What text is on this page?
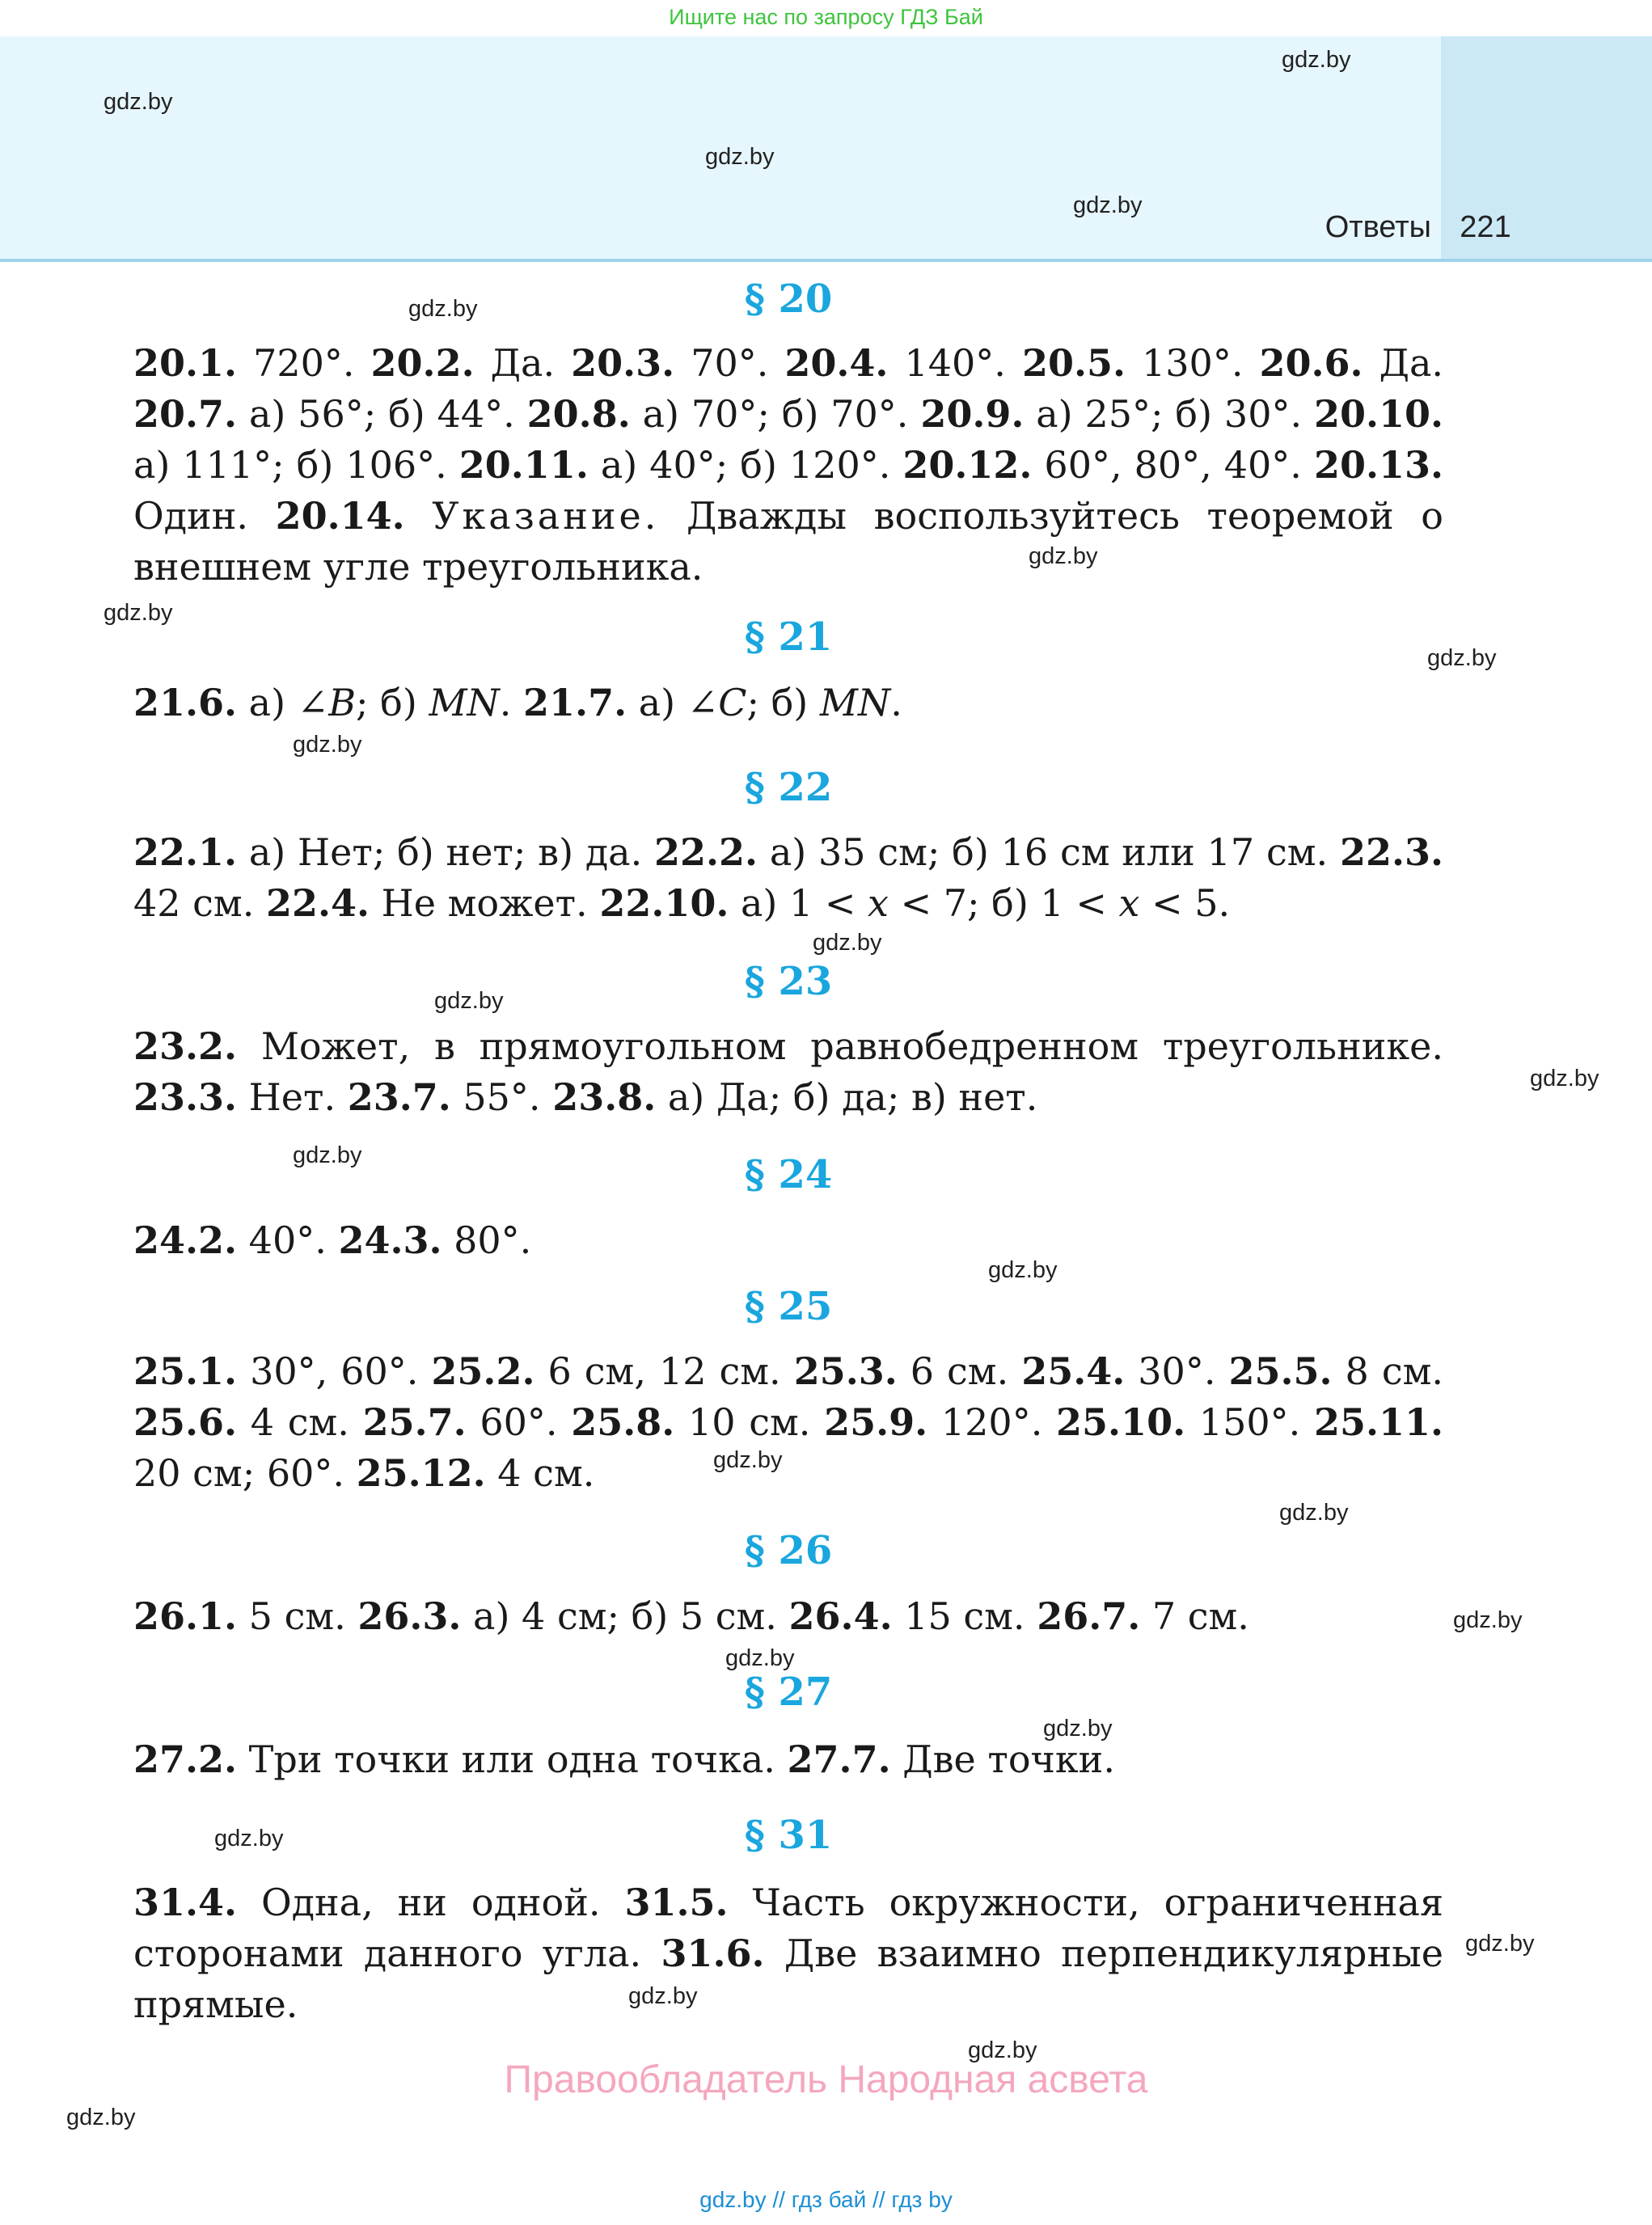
Ищите нас по запросу ГДЗ Бай
Ответы 221
gdz.by
gdz.by
gdz.by
gdz.by
gdz.by
gdz.by
gdz.by
gdz.by
gdz.by
gdz.by
gdz.by
gdz.by
gdz.by
gdz.by
gdz.by
gdz.by
gdz.by
gdz.by
gdz.by
gdz.by
gdz.by
gdz.by
gdz.by
gdz.by
§ 20
§ 21
§ 22
§ 23
§ 24
§ 25
§ 26
§ 27
§ 31
20.1. 720°. 20.2. Да. 20.3. 70°. 20.4. 140°. 20.5. 130°. 20.6. Да. 20.7. а) 56°; б) 44°. 20.8. а) 70°; б) 70°. 20.9. а) 25°; б) 30°. 20.10. а) 111°; б) 106°. 20.11. а) 40°; б) 120°. 20.12. 60°, 80°, 40°. 20.13. Один. 20.14. Указание. Дважды воспользуйтесь теоремой о внешнем угле треугольника.
21.6. а) ∠B; б) MN. 21.7. а) ∠C; б) MN.
22.1. а) Нет; б) нет; в) да. 22.2. а) 35 см; б) 16 см или 17 см. 22.3. 42 см. 22.4. Не может. 22.10. а) 1 < x < 7; б) 1 < x < 5.
23.2. Может, в прямоугольном равнобедренном треугольнике. 23.3. Нет. 23.7. 55°. 23.8. а) Да; б) да; в) нет.
24.2. 40°. 24.3. 80°.
25.1. 30°, 60°. 25.2. 6 см, 12 см. 25.3. 6 см. 25.4. 30°. 25.5. 8 см. 25.6. 4 см. 25.7. 60°. 25.8. 10 см. 25.9. 120°. 25.10. 150°. 25.11. 20 см; 60°. 25.12. 4 см.
26.1. 5 см. 26.3. а) 4 см; б) 5 см. 26.4. 15 см. 26.7. 7 см.
27.2. Три точки или одна точка. 27.7. Две точки.
31.4. Одна, ни одной. 31.5. Часть окружности, ограниченная сторонами данного угла. 31.6. Две взаимно перпендикулярные прямые.
Правообладатель Народная асвета
gdz.by // гдз бай // гдз by
